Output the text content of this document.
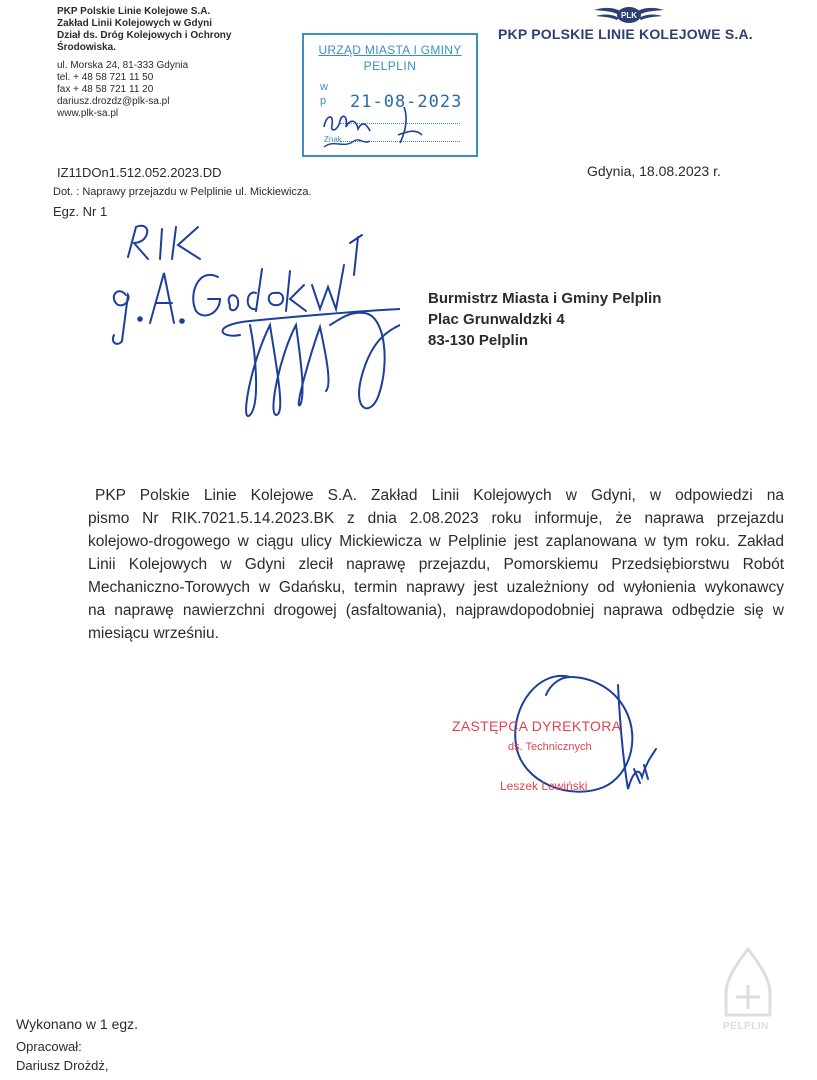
PKP Polskie Linie Kolejowe S.A.
Zakład Linii Kolejowych w Gdyni
Dział ds. Dróg Kolejowych i Ochrony
Środowiska.
ul. Morska 24, 81-333 Gdynia
tel. + 48 58 721 11 50
fax + 48 58 721 11 20
dariusz.drozdz@plk-sa.pl
www.plk-sa.pl
URZĄD MIASTA I GMINY
PELPLIN
w
p 21-08-2023
Znak
PLK
PKP POLSKIE LINIE KOLEJOWE S.A.
IZ11DOn1.512.052.2023.DD
Dot. : Naprawy przejazdu w Pelplinie ul. Mickiewicza.
Egz. Nr 1
Gdynia, 18.08.2023 r.
Burmistrz Miasta i Gminy Pelplin
Plac Grunwaldzki 4
83-130 Pelplin
PKP Polskie Linie Kolejowe S.A. Zakład Linii Kolejowych w Gdyni, w odpowiedzi na
pismo Nr RIK.7021.5.14.2023.BK z dnia 2.08.2023 roku informuje, że naprawa przejazdu
kolejowo-drogowego w ciągu ulicy Mickiewicza w Pelplinie jest zaplanowana w tym roku. Zakład
Linii Kolejowych w Gdyni zlecił naprawę przejazdu, Pomorskiemu Przedsiębiorstwu Robót
Mechaniczno-Torowych w Gdańsku, termin naprawy jest uzależniony od wyłonienia wykonawcy
na naprawę nawierzchni drogowej (asfaltowania), najprawdopodobniej naprawa odbędzie się w
miesiącu wrześniu.
ZASTĘPCA DYREKTORA
ds. Technicznych
Leszek Lewiński
PELPLIN
Wykonano w 1 egz.
Opracował:
Dariusz Drożdż,
